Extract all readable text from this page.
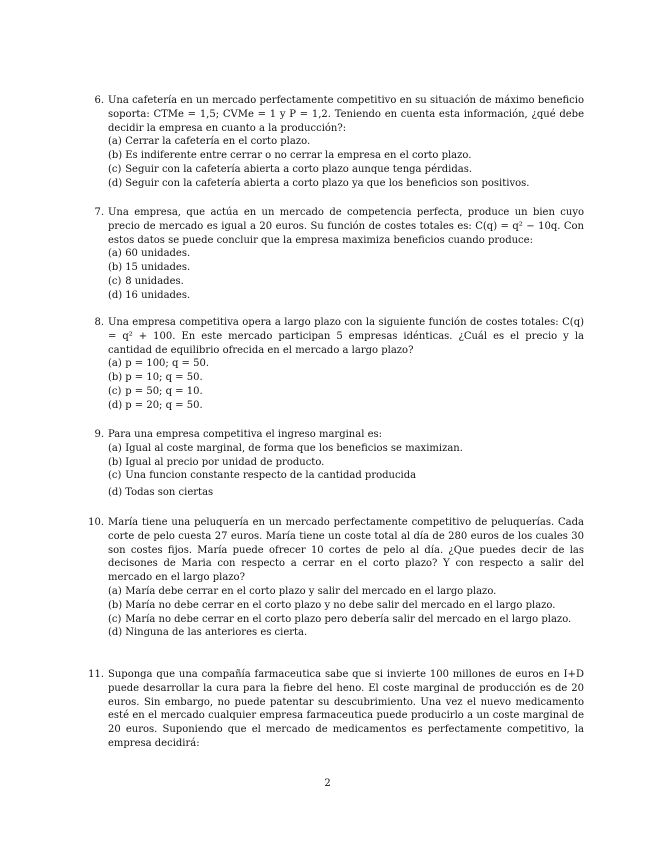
6. Una cafetería en un mercado perfectamente competitivo en su situación de máximo beneficio soporta: CTMe = 1,5; CVMe = 1 y P = 1,2. Teniendo en cuenta esta información, ¿qué debe decidir la empresa en cuanto a la producción?:

(a) Cerrar la cafetería en el corto plazo.

(b) Es indiferente entre cerrar o no cerrar la empresa en el corto plazo.

(c) Seguir con la cafetería abierta a corto plazo aunque tenga pérdidas.

(d) Seguir con la cafetería abierta a corto plazo ya que los beneficios son positivos.

7. Una empresa, que actúa en un mercado de competencia perfecta, produce un bien cuyo precio de mercado es igual a 20 euros. Su función de costes totales es: C(q) = q² − 10q. Con estos datos se puede concluir que la empresa maximiza beneficios cuando produce:

(a) 60 unidades.

(b) 15 unidades.

(c) 8 unidades.

(d) 16 unidades.

8. Una empresa competitiva opera a largo plazo con la siguiente función de costes totales: C(q) = q² + 100. En este mercado participan 5 empresas idénticas. ¿Cuál es el precio y la cantidad de equilibrio ofrecida en el mercado a largo plazo?

(a) p = 100; q = 50.

(b) p = 10; q = 50.

(c) p = 50; q = 10.

(d) p = 20; q = 50.

9. Para una empresa competitiva el ingreso marginal es:

(a) Igual al coste marginal, de forma que los beneficios se maximizan.

(b) Igual al precio por unidad de producto.

(c) Una funcion constante respecto de la cantidad producida

(d) Todas son ciertas

10. María tiene una peluquería en un mercado perfectamente competitivo de peluquerías. Cada corte de pelo cuesta 27 euros. María tiene un coste total al día de 280 euros de los cuales 30 son costes fijos. María puede ofrecer 10 cortes de pelo al día. ¿Que puedes decir de las decisones de Maria con respecto a cerrar en el corto plazo? Y con respecto a salir del mercado en el largo plazo?

(a) María debe cerrar en el corto plazo y salir del mercado en el largo plazo.

(b) María no debe cerrar en el corto plazo y no debe salir del mercado en el largo plazo.

(c) María no debe cerrar en el corto plazo pero debería salir del mercado en el largo plazo.

(d) Ninguna de las anteriores es cierta.

11. Suponga que una compañía farmaceutica sabe que si invierte 100 millones de euros en I+D puede desarrollar la cura para la fiebre del heno. El coste marginal de producción es de 20 euros. Sin embargo, no puede patentar su descubrimiento. Una vez el nuevo medicamento esté en el mercado cualquier empresa farmaceutica puede producirlo a un coste marginal de 20 euros. Suponiendo que el mercado de medicamentos es perfectamente competitivo, la empresa decidirá:

2
